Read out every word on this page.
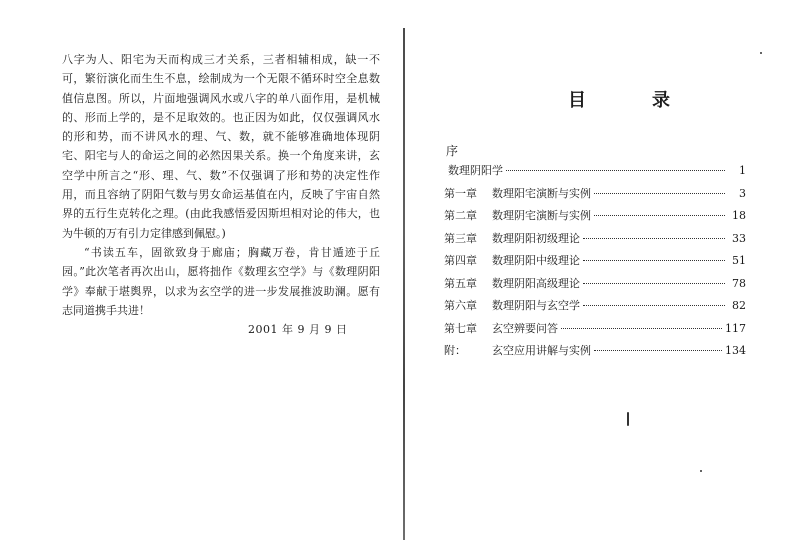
八字为人、阳宅为天而构成三才关系，三者相辅相成，缺一不可，繁衍演化而生生不息，绘制成为一个无限不循环时空全息数值信息图。所以，片面地强调风水或八字的单八面作用，是机械的、形而上学的，是不足取效的。也正因为如此，仅仅强调风水的形和势，而不讲风水的理、气、数，就不能够准确地体现阴宅、阳宅与人的命运之间的必然因果关系。换一个角度来讲，玄空学中所言之“形、理、气、数”不仅强调了形和势的决定性作用，而且容纳了阴阳气数与男女命运基值在内，反映了宇宙自然界的五行生克转化之理。(由此我感悟爱因斯坦相对论的伟大，也为牛顿的万有引力定律感到佩慰。)

“书读五车，固欲致身于廊庙；胸藏万卷，肯甘遁迹于丘园。”此次笔者再次出山，愿将拙作《数理玄空学》与《数理阴阳学》奉献于堪舆界，以求为玄空学的进一步发展推波助澜。愿有志同道携手共进！

2001 年 9 月 9 日
目　录
序
数理阴阳学	1
第一章	数理阳宅演断与实例	3
第二章	数理阴宅演断与实例	18
第三章	数理阴阳初级理论	33
第四章	数理阴阳中级理论	51
第五章	数理阴阳高级理论	78
第六章	数理阴阳与玄空学	82
第七章	玄空辨要问答	117
附：	玄空应用讲解与实例	134
